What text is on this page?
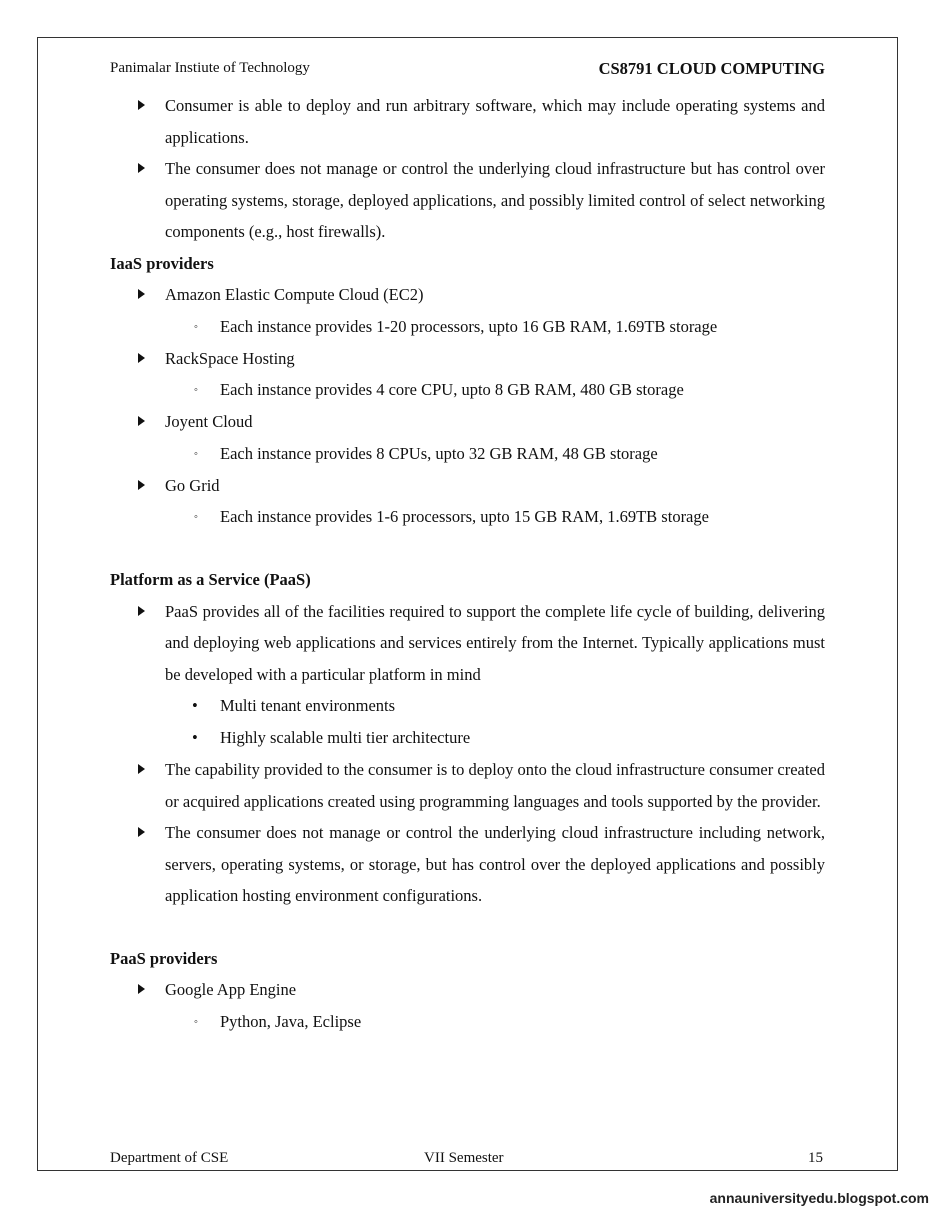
Panimalar Instiute of Technology	CS8791 CLOUD COMPUTING
Consumer is able to deploy and run arbitrary software, which may include operating systems and applications.
The consumer does not manage or control the underlying cloud infrastructure but has control over operating systems, storage, deployed applications, and possibly limited control of select networking components (e.g., host firewalls).
IaaS providers
Amazon Elastic Compute Cloud (EC2)
◦ Each instance provides 1-20 processors, upto 16 GB RAM, 1.69TB storage
RackSpace Hosting
◦ Each instance provides 4 core CPU, upto 8 GB RAM, 480 GB storage
Joyent Cloud
◦ Each instance provides 8 CPUs, upto 32 GB RAM, 48 GB storage
Go Grid
◦ Each instance provides 1-6 processors, upto 15 GB RAM, 1.69TB storage
Platform as a Service (PaaS)
PaaS provides all of the facilities required to support the complete life cycle of building, delivering and deploying web applications and services entirely from the Internet. Typically applications must be developed with a particular platform in mind
• Multi tenant environments
• Highly scalable multi tier architecture
The capability provided to the consumer is to deploy onto the cloud infrastructure consumer created or acquired applications created using programming languages and tools supported by the provider.
The consumer does not manage or control the underlying cloud infrastructure including network, servers, operating systems, or storage, but has control over the deployed applications and possibly application hosting environment configurations.
PaaS providers
Google App Engine
◦ Python, Java, Eclipse
Department of CSE	VII Semester	15
annauniversityedu.blogspot.com
